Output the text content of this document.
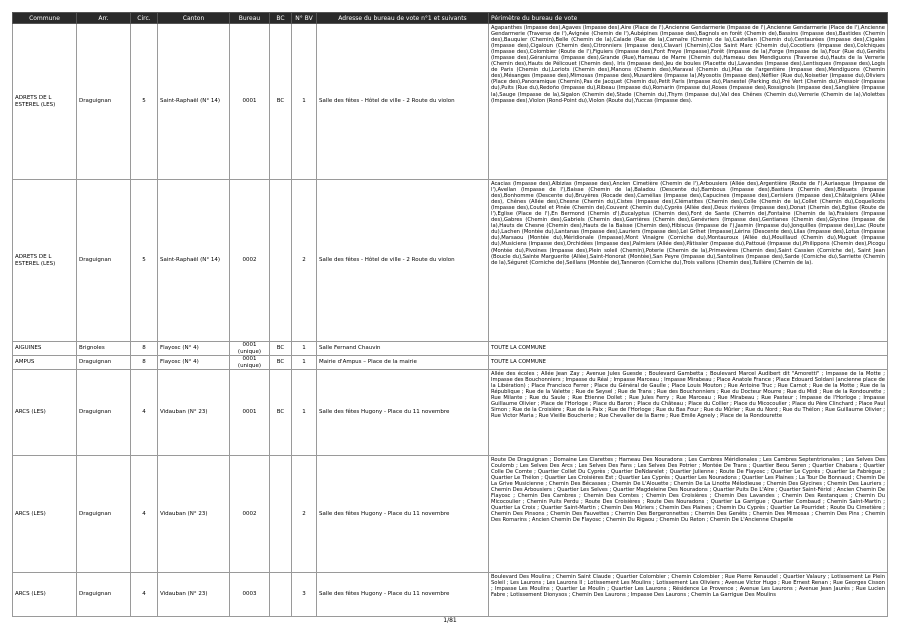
Commune	Arr.	Circ.	Canton	Bureau	BC	N° BV	Adresse du bureau de vote n°1 et suivants	Périmètre du bureau de vote
ADRETS DE L ESTEREL (LES)	Draguignan	5	Saint-Raphaël (N° 14)	0001	BC	1	Salle des fêtes - Hôtel de ville - 2 Route du violon	Agapanthes (Impasse des),Agaves (Impasse des),Aire (Place de l'),Ancienne Gendarmerie (Impasse de l'),Ancienne Gendarmerie (Place de l'),Ancienne Gendarmerie (Traverse de l'),Avignée (Chemin de l'),Aubépines (Impasse des),Bagnols en forêt (Chemin de),Bassins (Impasse des),Bastides (Chemin des),Bauquier (Chemin),Belle (Chemin de la),Calade (Rue de la),Camaïre (Chemin de la),Castellan (Chemin du),Centaurées (Impasse des),Cigales (Impasse des),Cigaloun (Chemin des),Citronniers (Impasse des),Clavari (Chemin),Clos Saint Marc (Chemin du),Cocotiers (Impasse des),Colchiques (Impasse des),Colombier (Route de l'),Figuiers (Impasse des),Font Freye (Impasse),Forêt (Impasse de la),Forge (Impasse de la),Four (Rue du),Genêts (Impasse des),Géraniums (Impasse des),Grande (Rue),Hameau de Marre (Chemin du),Hameau des Mendiguons (Traverse du),Hauts de la Verrerie (Chemin des),Hauts de Pélicouet (Chemin des), Iris (Impasse des),Jeu de boules (Placette du),Lavandes (Impasse des),Lentisques (Impasse des),Logis de Paris (Chemin du),Loriots (Chemin des),Manons (Chemin des),Maraval (Chemin du),Mas de l'argentière (Impasse des),Mendiguons (Chemin des),Mésanges (Impasse des),Mimosas (Impasse des),Musardière (Impasse la),Myosotis (Impasse des),Néflier (Rue du),Noisetier (Impasse du),Oliviers (Place des),Panoramique (Chemin),Pas de Jacquet (Chemin du),Petit Paris (Impasse du),Planestel (Parking du),Pré Vert (Chemin du),Pressoir (Impasse du),Puits (Rue du),Redoño (Impasse du),Ribeau (Impasse du),Romarin (Impasse du),Roses (Impasse des),Rossignols (Impasse des),Sanglière (Impasse la),Sauge (Impasse de la),Sigalon (Chemin de),Stade (Chemin du),Thym (Impasse du),Val des Chênes (Chemin du),Verrerie (Chemin de la),Violettes (Impasse des),Violon (Rond-Point du),Violon (Route du),Yuccas (Impasse des).
ADRETS DE L ESTEREL (LES)	Draguignan	5	Saint-Raphaël (N° 14)	0002		2	Salle des fêtes - Hôtel de ville - 2 Route du violon	Acacias (Impasse des),Albizias (Impasse des),Ancien Cimetière (Chemin de l'),Arbousiers (Allée des),Argentière (Route de l'),Auriasque (Impasse de l'),Avellan (Impasse de l'),Baisse (Chemin de la),Baladou (Descente du),Bambous (Impasse des),Bastians (Chemin des),Bleuets (Impasse des),Bonhomme (Descente du),Bruyères (Rocade des),Camélias (Impasse des),Capucines (Impasse des),Cerisiers (Impasse des),Châtaigniers (Allée des), Chênes (Allée des),Chesne (Chemin du),Cistes (Impasse des),Clématites (Chemin des),Colle (Chemin de la),Collet (Chemin du),Coquelicots (Impasse des),Coutel et Pinée (Chemin de),Couvent (Chemin du),Cyprès (Allée des),Deux rivières (Impasse des),Donat (Chemin de),Eglise (Route de l'),Eglise (Place de l'),En Bermond (Chemin d'),Eucalyptus (Chemin des),Font de Sante (Chemin de),Fontaine (Chemin de la),Fraisiers (Impasse des),Gabres (Chemin des),Gabriels (Chemin des),Garrières (Chemin des),Genévriers (Impasse des),Gentianes (Chemin des),Glycine (Impasse de la),Hauts de Chesne (Chemin des),Hauts de la Baisse (Chemin des),Hibiscus (Impasse de l'),Jasmin (Impasse du),Jonquilles (Impasse des),Lac (Route du),Lachen (Montée du),Lantanas (Impasse des),Lauriers (Impasse des),Lei Grihet (Impasse),Lérins (Descente des),Lilas (Impasse des),Lotus (Impasse du),Marsaou (Montée du),Méridionale (Impasse),Mont Vinaigre (Corniche du),Montauroux (Allée du),Mouillaud (Chemin du),Muguet (Impasse du),Musiciens (Impasse des),Orchidées (Impasse des),Palmiers (Allée des),Pâtissier (Impasse du),Pattoué (Impasse du),Philippons (Chemin des),Picogu (Montée du),Pivoines (Impasse des),Plein soleil (Chemin),Poterie (Chemin de la),Primevères (Chemin des),Saint Cassien (Corniche de), Saint Jean (Boucle du),Sainte Marguerite (Allée),Saint-Honorat (Montée),San Peyre (Impasse du),Santolines (Impasse des),Sarde (Corniche du),Sarriette (Chemin de la),Séguret (Corniche de),Seillans (Montée de),Tanneron (Corniche du),Trois vallons (Chemin des),Tuilière (Chemin de la).
AIGUINES	Brignoles	8	Flayosc (N° 4)	0001 (unique)	BC	1	Salle Fernand Chauvin	TOUTE LA COMMUNE
AMPUS	Draguignan	8	Flayosc (N° 4)	0001 (unique)	BC	1	Mairie d'Ampus – Place de la mairie	TOUTE LA COMMUNE
ARCS (LES)	Draguignan	4	Vidauban (N° 23)	0001	BC	1	Salle des fêtes Hugony - Place du 11 novembre	Allée des écoles ; Allée Jean Zay ; Avenue Jules Guesde ; Boulevard Gambetta ; Boulevard Marcel Audibert dit "Amoretti" ; Impasse de la Motte ; Impasse des Bouchonniers ; Impasse du Réal ; Impasse Marceau ; Impasse Mirabeau ; Place Anatole France ; Place Edouard Soldani (ancienne place de la Libération) ; Place Francisco Ferrer ; Place du Général de Gaulle ; Place Louis Mouton ; Rue Antoine Truc ; Rue Carnot ; Rue de la Motte ; Rue de la République ; Rue de la Valette ; Rue de Seysel ; Rue de Trans ; Rue des Bouchonniers ; Rue du Docteur Mourre ; Rue du Midi ; Rue de la Rondourette ; Rue Milante ; Rue du Saule ; Rue Etienne Dollet ; Rue Jules Ferry ; Rue Marceau ; Rue Mirabeau ; Rue Pasteur ; Impasse de l'Horloge ; Impasse Guillaume Olivier ; Place de l'Horloge ; Place du Baron ; Place du Château ; Place du Collier ; Place du Micocoulier ; Place du Père Clinchard ; Place Paul Simon ; Rue de la Croisière ; Rue de la Paix ; Rue de l'Horloge ; Rue du Bas Four ; Rue du Mûrier ; Rue du Nord ; Rue du Thélon ; Rue Guillaume Olivier ; Rue Victor Maria ; Rue Vieille Boucherie ; Rue Chevalier de la Barre ; Rue Emile Agnely ; Place de la Rondourette
ARCS (LES)	Draguignan	4	Vidauban (N° 23)	0002		2	Salle des fêtes Hugony - Place du 11 novembre	Route De Draguignan ; Domaine Les Clarettes ; Hameau Des Nouradons ; Les Cambres Méridionales ; Les Cambres Septentrionales ; Les Selves Des Coulomb ; Les Selves Des Arcs ; Les Selves Des Fans ; Les Selves Des Potrier ; Montée De Trans ; Quartier Beou Seren ; Quartier Chabara ; Quartier Colle De Comte ; Quartier Collet Du Cyprès ; Quartier DeNdarelet ; Quartier Julienne ; Route De Flayosc ; Quartier Le Cyprès ; Quartier Le Fabrègue ; Quartier Le Thélon ; Quartier Les Croisières Est ; Quartier Les Cyprès ; Quartier Les Nouradons ; Quartier Les Plaines ; La Tour De Bonnaud ; Chemin De La Grive Musicienne ; Chemin Des Bécasses ; Chemin De L'Alouette ; Chemin De La Linotte Mélodieuse ; Chemin Des Glycines ; Chemin Des Lauriers ; Chemin Des Arbousiers ; Quartier Les Selves ; Quartier Magdeleine Des Nouradons ; Quartier Puits De L'Aire ; Quartier Saint-Fériol ; Ancien Chemin De Flayosc ; Chemin Des Cambres ; Chemin Des Comtes ; Chemin Des Croisières ; Chemin Des Lavandes ; Chemin Des Restanques ; Chemin Du Micocoulier ; Chemin Puits Perdu ; Route Des Croisières ; Route Des Nouradons ; Quartier La Garrigue ; Quartier Combaud ; Chemin Saint-Martin ; Quartier La Croix ; Quartier Saint-Martin ; Chemin Des Mûriers ; Chemin Des Plaines ; Chemin Du Cyprès ; Quartier Le Pourridet ; Route Du Cimetière ; Chemin Des Pinsons ; Chemin Des Fauvettes ; Chemin Des Bergeronnettes ; Chemin Des Genêts ; Chemin Des Mimosas ; Chemin Des Pins ; Chemin Des Romarins ; Ancien Chemin De Flayosc ; Chemin Du Rigaou ; Chemin Du Reton ; Chemin De L'Ancienne Chapelle
ARCS (LES)	Draguignan	4	Vidauban (N° 23)	0003		3	Salle des fêtes Hugony - Place du 11 novembre	Boulevard Des Moulins ; Chemin Saint Claude ; Quartier Colombier ; Chemin Colombier ; Rue Pierre Renaudel ; Quartier Valaury ; Lotissement Le Plein Soleil ; Les Laurons ; Les Laurons II ; Lotissement Les Moulins ; Lotissement Les Oliviers ; Avenue Victor Hugo ; Rue Ernest Renan ; Rue Georges Cisson ; Impasse Les Moulins ; Quartier Le Moulin ; Quartier Les Laurons ; Résidence Le Provence ; Avenue Les Laurons ; Avenue Jean Jaurès ; Rue Lucien Fabre ; Lotissement Dionysos ; Chemin Des Laurons ; Impasse Des Laurons ; Chemin La Garrigue Des Moulins
1/81
